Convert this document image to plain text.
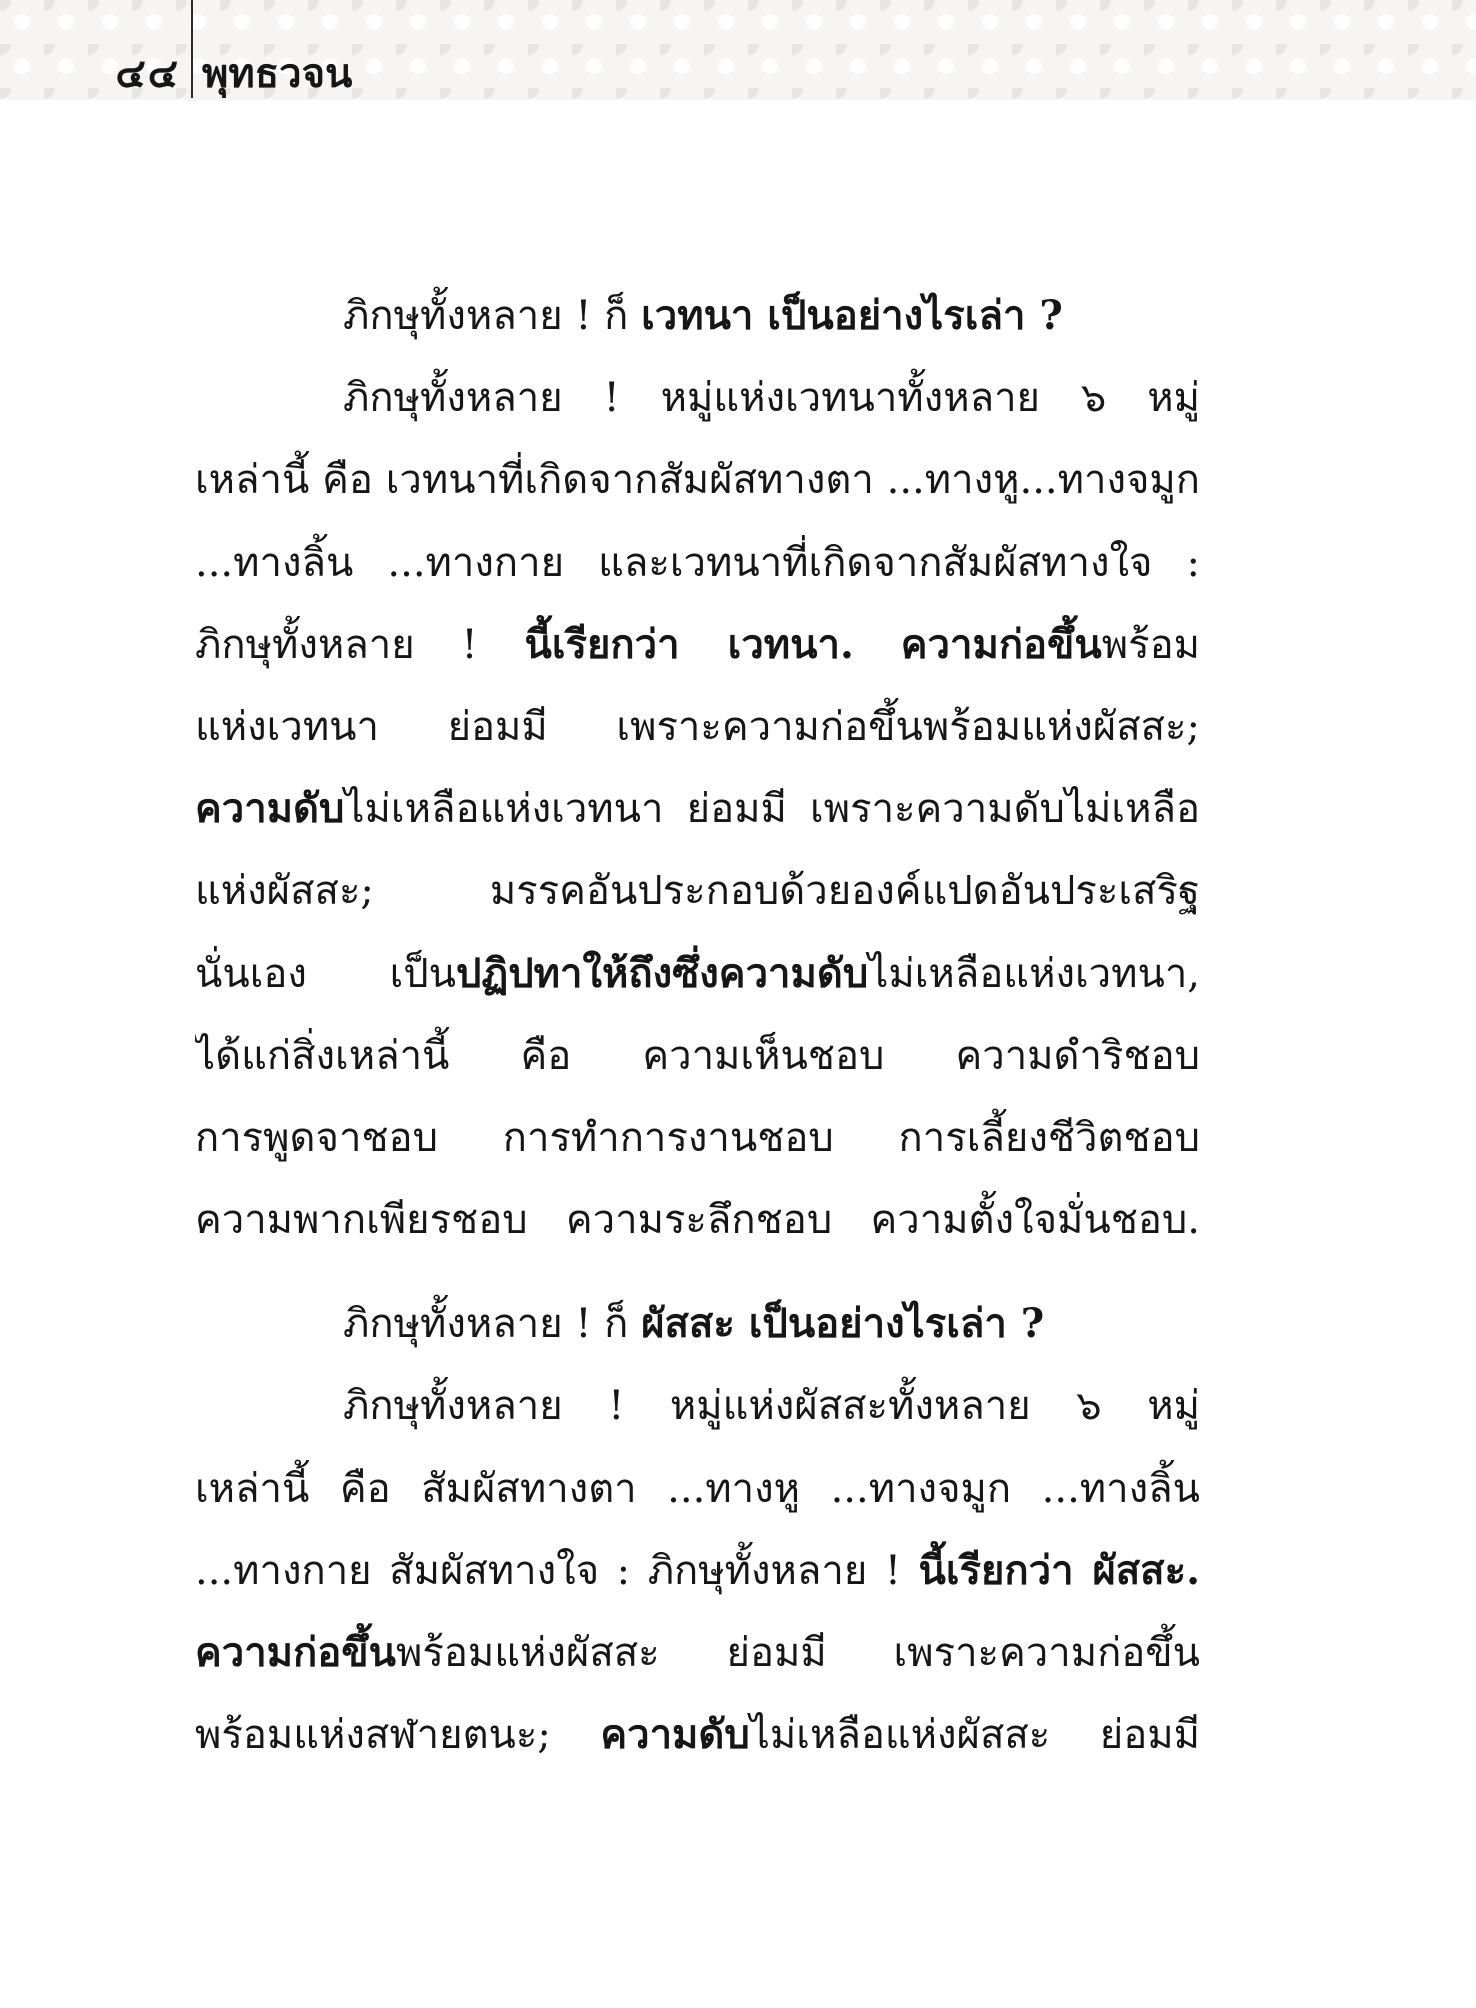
๔๔ พุทธวจน
ภิกษุทั้งหลาย ! ก็ เวทนา เป็นอย่างไรเล่า ?
ภิกษุทั้งหลาย ! หมู่แห่งเวทนาทั้งหลาย ๖ หมู่
เหล่านี้ คือ เวทนาที่เกิดจากสัมผัสทางตา ...ทางหู...ทางจมูก
...ทางลิ้น ...ทางกาย และเวทนาที่เกิดจากสัมผัสทางใจ :
ภิกษุทั้งหลาย ! นี้เรียกว่า เวทนา. ความก่อขึ้นพร้อม
แห่งเวทนา ย่อมมี เพราะความก่อขึ้นพร้อมแห่งผัสสะ;
ความดับไม่เหลือแห่งเวทนา ย่อมมี เพราะความดับไม่เหลือ
แห่งผัสสะ; มรรคอันประกอบด้วยองค์แปดอันประเสริฐ
นั่นเอง เป็นปฏิปทาให้ถึงซึ่งความดับไม่เหลือแห่งเวทนา,
ได้แก่สิ่งเหล่านี้ คือ ความเห็นชอบ ความดำริชอบ
การพูดจาชอบ การทำการงานชอบ การเลี้ยงชีวิตชอบ
ความพากเพียรชอบ ความระลึกชอบ ความตั้งใจมั่นชอบ.
ภิกษุทั้งหลาย ! ก็ ผัสสะ เป็นอย่างไรเล่า ?
ภิกษุทั้งหลาย ! หมู่แห่งผัสสะทั้งหลาย ๖ หมู่
เหล่านี้ คือ สัมผัสทางตา ...ทางหู ...ทางจมูก ...ทางลิ้น
...ทางกาย สัมผัสทางใจ : ภิกษุทั้งหลาย ! นี้เรียกว่า ผัสสะ.
ความก่อขึ้นพร้อมแห่งผัสสะ ย่อมมี เพราะความก่อขึ้น
พร้อมแห่งสฬายตนะ; ความดับไม่เหลือแห่งผัสสะ ย่อมมี
